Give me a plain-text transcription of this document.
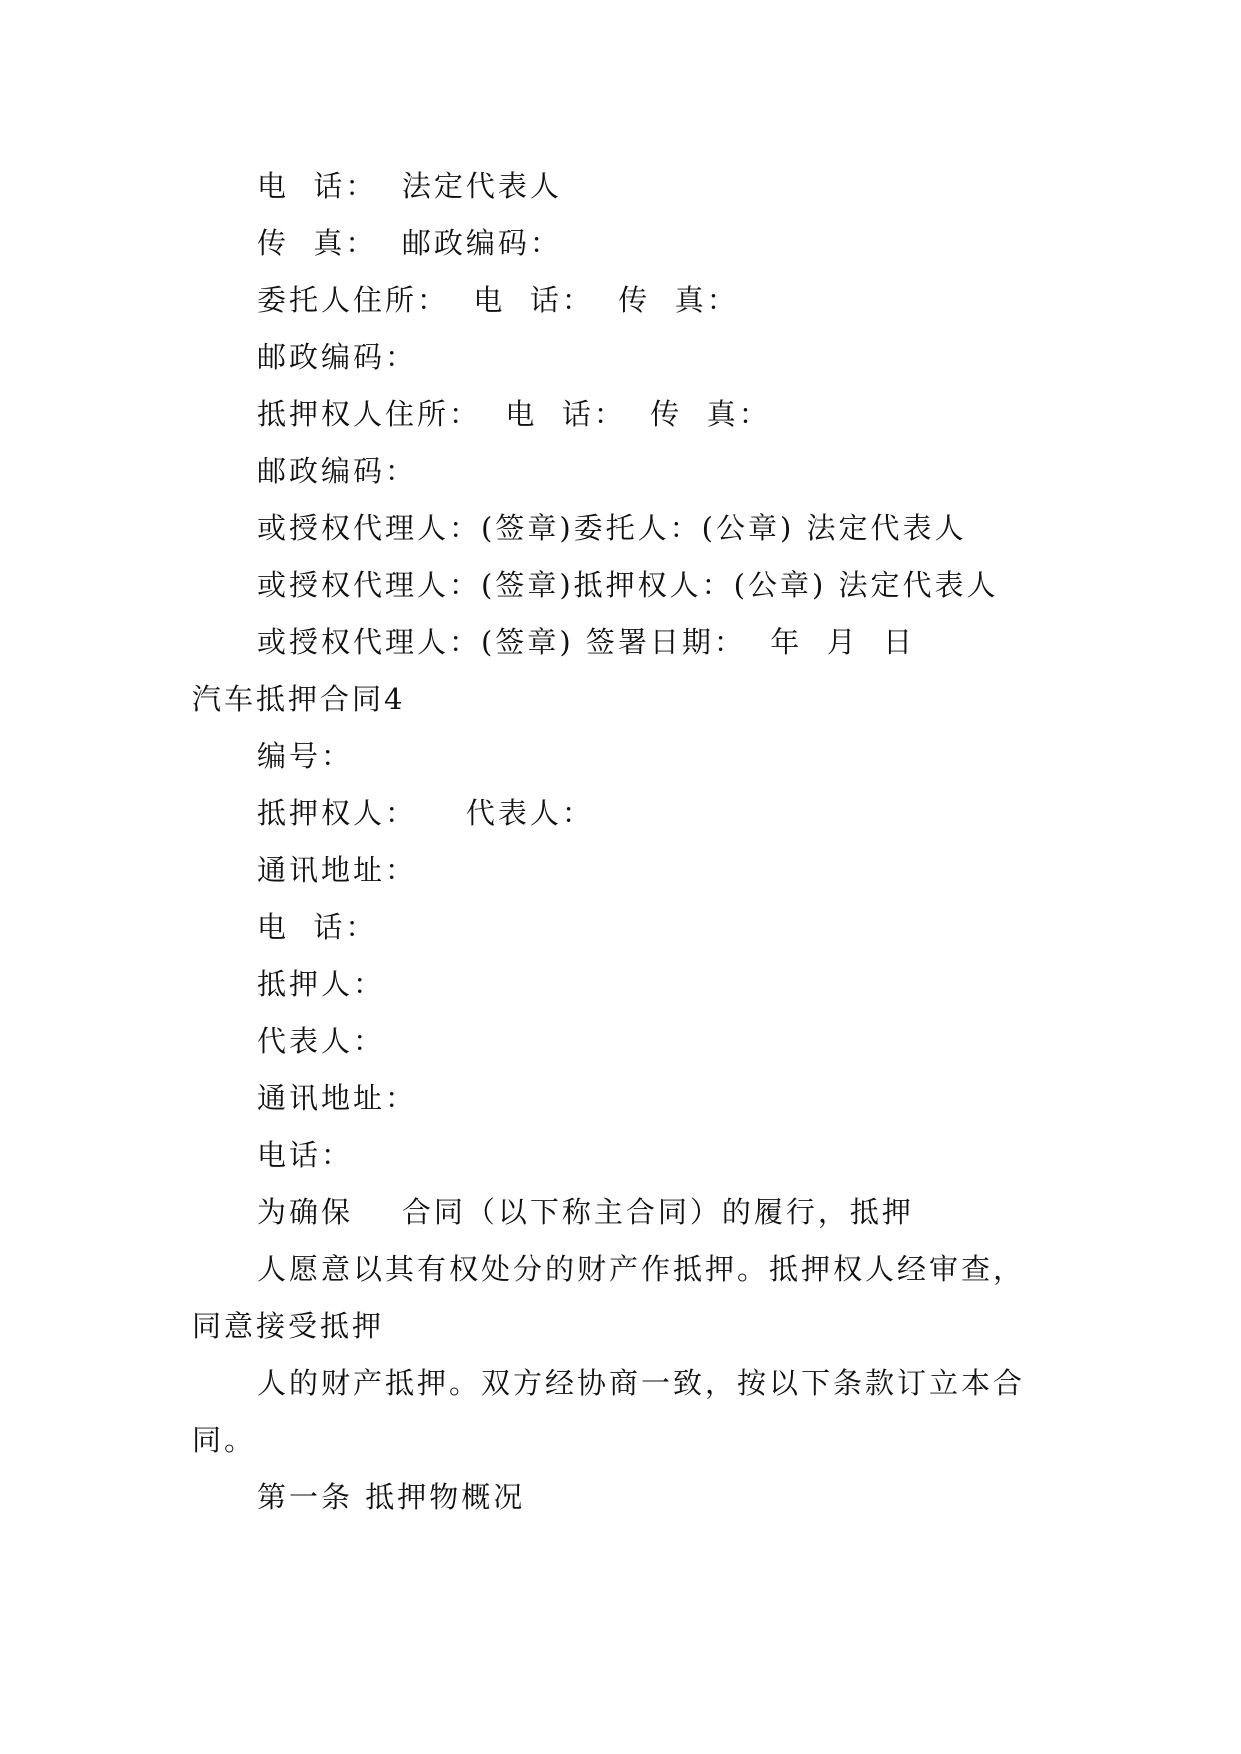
电  话：  法定代表人
传  真：  邮政编码：
委托人住所：  电  话：  传  真：
邮政编码：
抵押权人住所：  电  话：  传  真：
邮政编码：
或授权代理人：(签章)委托人：(公章) 法定代表人
或授权代理人：(签章)抵押权人：(公章) 法定代表人
或授权代理人：(签章) 签署日期：  年  月  日
汽车抵押合同4
编号：
抵押权人：    代表人：
通讯地址：
电  话：
抵押人：
代表人：
通讯地址：
电话：
为确保    合同（以下称主合同）的履行，抵押
人愿意以其有权处分的财产作抵押。抵押权人经审查，
同意接受抵押
人的财产抵押。双方经协商一致，按以下条款订立本合
同。
第一条 抵押物概况
